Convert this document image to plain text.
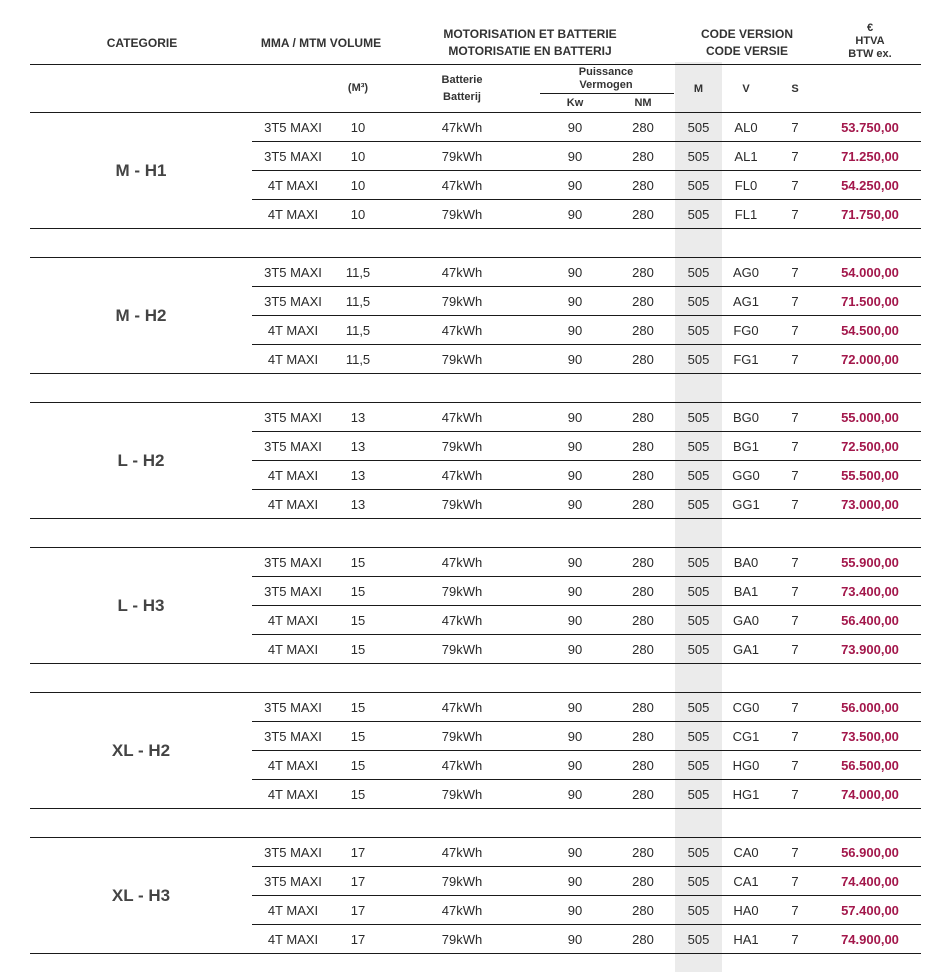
CATEGORIE	MMA / MTM VOLUME
MOTORISATION ET BATTERIE
MOTORISATIE EN BATTERIJ
CODE VERSION
CODE VERSIE
€
HTVA
BTW ex.
(M³)
Batterie
Batterij
Puissance
Vermogen
Kw	NM
M	V	S
M - H1
3T5 MAXI	10	47kWh	90	280	505	AL0	7	53.750,00
3T5 MAXI	10	79kWh	90	280	505	AL1	7	71.250,00
4T MAXI	10	47kWh	90	280	505	FL0	7	54.250,00
4T MAXI	10	79kWh	90	280	505	FL1	7	71.750,00
M - H2
3T5 MAXI	11,5	47kWh	90	280	505	AG0	7	54.000,00
3T5 MAXI	11,5	79kWh	90	280	505	AG1	7	71.500,00
4T MAXI	11,5	47kWh	90	280	505	FG0	7	54.500,00
4T MAXI	11,5	79kWh	90	280	505	FG1	7	72.000,00
L - H2
3T5 MAXI	13	47kWh	90	280	505	BG0	7	55.000,00
3T5 MAXI	13	79kWh	90	280	505	BG1	7	72.500,00
4T MAXI	13	47kWh	90	280	505	GG0	7	55.500,00
4T MAXI	13	79kWh	90	280	505	GG1	7	73.000,00
L - H3
3T5 MAXI	15	47kWh	90	280	505	BA0	7	55.900,00
3T5 MAXI	15	79kWh	90	280	505	BA1	7	73.400,00
4T MAXI	15	47kWh	90	280	505	GA0	7	56.400,00
4T MAXI	15	79kWh	90	280	505	GA1	7	73.900,00
XL - H2
3T5 MAXI	15	47kWh	90	280	505	CG0	7	56.000,00
3T5 MAXI	15	79kWh	90	280	505	CG1	7	73.500,00
4T MAXI	15	47kWh	90	280	505	HG0	7	56.500,00
4T MAXI	15	79kWh	90	280	505	HG1	7	74.000,00
XL - H3
3T5 MAXI	17	47kWh	90	280	505	CA0	7	56.900,00
3T5 MAXI	17	79kWh	90	280	505	CA1	7	74.400,00
4T MAXI	17	47kWh	90	280	505	HA0	7	57.400,00
4T MAXI	17	79kWh	90	280	505	HA1	7	74.900,00
